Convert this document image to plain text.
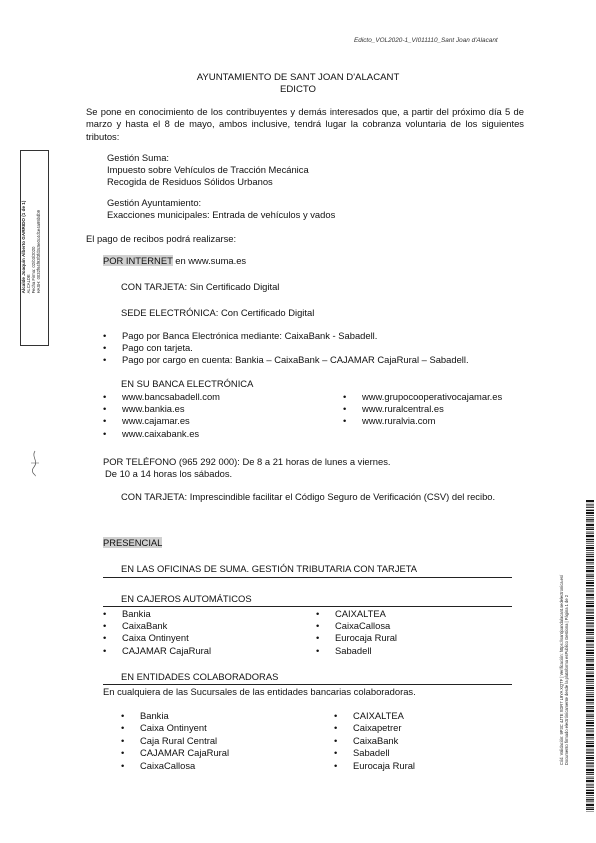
Edicto_VOL2020-1_VI011110_Sant Joan d'Alacant
AYUNTAMIENTO DE SANT JOAN D'ALACANT
EDICTO
Se pone en conocimiento de los contribuyentes y demás interesados que, a partir del próximo día 5 de marzo y hasta el 8 de mayo, ambos inclusive, tendrá lugar la cobranza voluntaria de los siguientes tributos:
Gestión Suma:
Impuesto sobre Vehículos de Tracción Mecánica
Recogida de Residuos Sólidos Urbanos
Gestión Ayuntamiento:
Exacciones municipales: Entrada de vehículos y vados
El pago de recibos podrá realizarse:
POR INTERNET en www.suma.es
CON TARJETA: Sin Certificado Digital
SEDE ELECTRÓNICA: Con Certificado Digital
• Pago por Banca Electrónica mediante: CaixaBank - Sabadell.
• Pago con tarjeta.
• Pago por cargo en cuenta: Bankia – CaixaBank – CAJAMAR CajaRural – Sabadell.
EN SU BANCA ELECTRÓNICA
• www.bancsabadell.com
• www.bankia.es
• www.cajamar.es
• www.caixabank.es
• www.grupocooperativocajamar.es
• www.ruralcentral.es
• www.ruralvia.com
POR TELÉFONO (965 292 000): De 8 a 21 horas de lunes a viernes.
De 10 a 14 horas los sábados.
CON TARJETA: Imprescindible facilitar el Código Seguro de Verificación (CSV) del recibo.
PRESENCIAL
EN LAS OFICINAS DE SUMA. GESTIÓN TRIBUTARIA CON TARJETA
EN CAJEROS AUTOMÁTICOS
• Bankia
• CaixaBank
• Caixa Ontinyent
• CAJAMAR CajaRural
• CAIXALTEA
• CaixaCallosa
• Eurocaja Rural
• Sabadell
EN ENTIDADES COLABORADORAS
En cualquiera de las Sucursales de las entidades bancarias colaboradoras.
• Bankia
• Caixa Ontinyent
• Caja Rural Central
• CAJAMAR CajaRural
• CaixaCallosa
• CAIXALTEA
• Caixapetrer
• CaixaBank
• Sabadell
• Eurocaja Rural
Alcalde Joaquín Alberto GARRIDO (1 de 1)
ALCALDE
Fecha Firma: 02/03/2020
HASH: 0032f64f93f3fd3c5e0c4d1e4a95bdb9
Cód. Validación: 9P3C 4JTE XDR7 L9YA XQTF | Verificación: https://santjoandalacant.sedelectronica.es/
Documento firmado electrónicamente desde la plataforma esPublico Gestiona | Página 1 de 2
